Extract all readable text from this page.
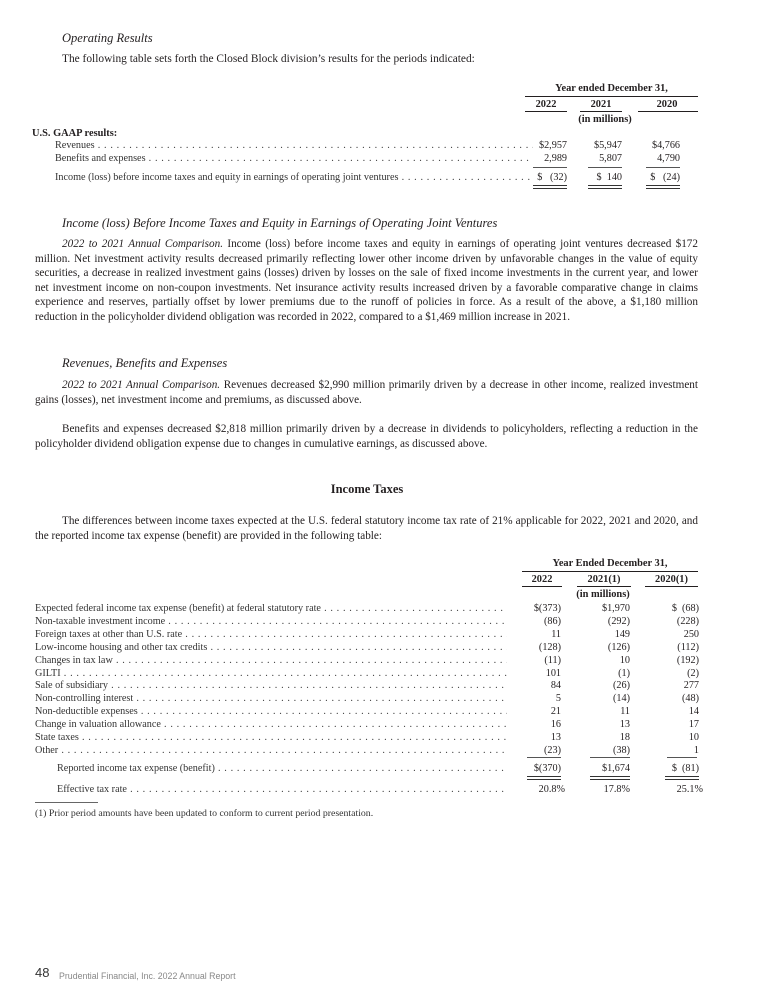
Operating Results
The following table sets forth the Closed Block division’s results for the periods indicated:
Year ended December 31,
2022	2021	2020
(in millions)
U.S. GAAP results:
Revenues . . .	$2,957	$5,947	$4,766
Benefits and expenses . . .	2,989	5,807	4,790
Income (loss) before income taxes and equity in earnings of operating joint ventures . . .	$   (32)	$  140	$   (24)
Income (loss) Before Income Taxes and Equity in Earnings of Operating Joint Ventures
2022 to 2021 Annual Comparison. Income (loss) before income taxes and equity in earnings of operating joint ventures decreased $172 million. Net investment activity results decreased primarily reflecting lower other income driven by unfavorable changes in the value of equity securities, a decrease in realized investment gains (losses) driven by losses on the sale of fixed income investments in the current year, and lower net investment income on non-coupon investments. Net insurance activity results increased driven by a favorable comparative change in claims experience and reserves, partially offset by lower premiums due to the runoff of policies in force. As a result of the above, a $1,180 million reduction in the policyholder dividend obligation was recorded in 2022, compared to a $1,469 million increase in 2021.
Revenues, Benefits and Expenses
2022 to 2021 Annual Comparison. Revenues decreased $2,990 million primarily driven by a decrease in other income, realized investment gains (losses), net investment income and premiums, as discussed above.
Benefits and expenses decreased $2,818 million primarily driven by a decrease in dividends to policyholders, reflecting a reduction in the policyholder dividend obligation expense due to changes in cumulative earnings, as discussed above.
Income Taxes
The differences between income taxes expected at the U.S. federal statutory income tax rate of 21% applicable for 2022, 2021 and 2020, and the reported income tax expense (benefit) are provided in the following table:
Year Ended December 31,
2022	2021(1)	2020(1)
(in millions)
Expected federal income tax expense (benefit) at federal statutory rate . . .	$(373)	$1,970	$  (68)
Non-taxable investment income . . .	(86)	(292)	(228)
Foreign taxes at other than U.S. rate . . .	11	149	250
Low-income housing and other tax credits . . .	(128)	(126)	(112)
Changes in tax law . . .	(11)	10	(192)
GILTI . . .	101	(1)	(2)
Sale of subsidiary . . .	84	(26)	277
Non-controlling interest . . .	5	(14)	(48)
Non-deductible expenses . . .	21	11	14
Change in valuation allowance . . .	16	13	17
State taxes . . .	13	18	10
Other . . .	(23)	(38)	1
Reported income tax expense (benefit) . . .	$(370)	$1,674	$  (81)
Effective tax rate . . .	20.8%	17.8%	25.1%
(1) Prior period amounts have been updated to conform to current period presentation.
48 Prudential Financial, Inc. 2022 Annual Report
